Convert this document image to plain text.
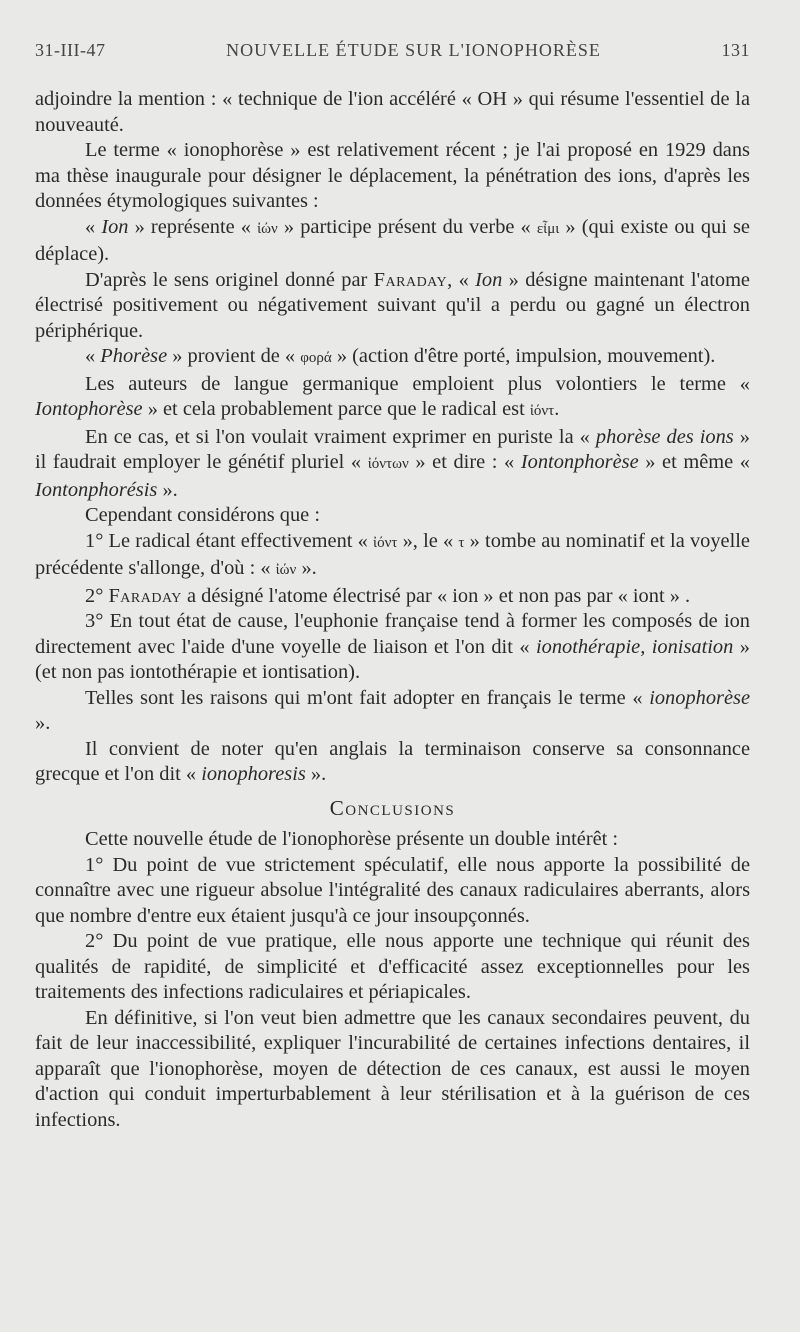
31-III-47	NOUVELLE ÉTUDE SUR L'IONOPHORÈSE	131

adjoindre la mention : « technique de l'ion accéléré « OH » qui résume l'essentiel de la nouveauté.

Le terme « ionophorèse » est relativement récent ; je l'ai proposé en 1929 dans ma thèse inaugurale pour désigner le déplacement, la pénétration des ions, d'après les données étymologiques suivantes :

« Ion » représente « ἰών » participe présent du verbe « εἶμι » (qui existe ou qui se déplace).

D'après le sens originel donné par Faraday, « Ion » désigne maintenant l'atome électrisé positivement ou négativement suivant qu'il a perdu ou gagné un électron périphérique.

« Phorèse » provient de « φορά » (action d'être porté, impulsion, mouvement).

Les auteurs de langue germanique emploient plus volontiers le terme « Iontophorèse » et cela probablement parce que le radical est ἰόντ.

En ce cas, et si l'on voulait vraiment exprimer en puriste la « phorèse des ions » il faudrait employer le génétif pluriel « ἰόντων » et dire : « Iontonphorèse » et même « Iontonphorésis ».

Cependant considérons que :

1° Le radical étant effectivement « ἰόντ », le « τ » tombe au nominatif et la voyelle précédente s'allonge, d'où : « ἰών ».

2° Faraday a désigné l'atome électrisé par « ion » et non pas par « iont » .

3° En tout état de cause, l'euphonie française tend à former les composés de ion directement avec l'aide d'une voyelle de liaison et l'on dit « ionothérapie, ionisation » (et non pas iontothérapie et iontisation).

Telles sont les raisons qui m'ont fait adopter en français le terme « ionophorèse ».

Il convient de noter qu'en anglais la terminaison conserve sa consonnance grecque et l'on dit « ionophoresis ».

Conclusions

Cette nouvelle étude de l'ionophorèse présente un double intérêt :

1° Du point de vue strictement spéculatif, elle nous apporte la possibilité de connaître avec une rigueur absolue l'intégralité des canaux radiculaires aberrants, alors que nombre d'entre eux étaient jusqu'à ce jour insoupçonnés.

2° Du point de vue pratique, elle nous apporte une technique qui réunit des qualités de rapidité, de simplicité et d'efficacité assez exceptionnelles pour les traitements des infections radiculaires et périapicales.

En définitive, si l'on veut bien admettre que les canaux secondaires peuvent, du fait de leur inaccessibilité, expliquer l'incurabilité de certaines infections dentaires, il apparaît que l'ionophorèse, moyen de détection de ces canaux, est aussi le moyen d'action qui conduit imperturbablement à leur stérilisation et à la guérison de ces infections.
